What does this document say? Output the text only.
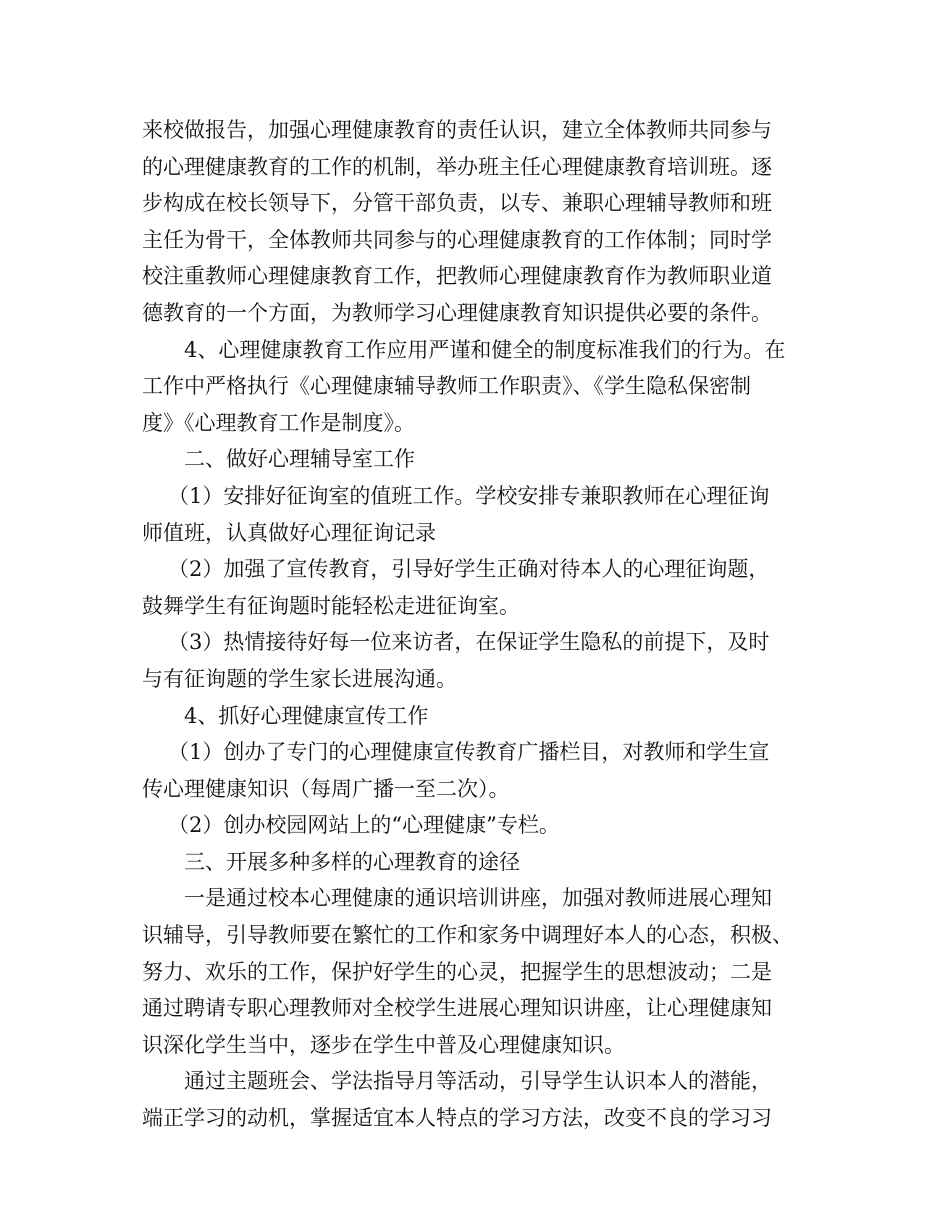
来校做报告，加强心理健康教育的责任认识，建立全体教师共同参与
的心理健康教育的工作的机制，举办班主任心理健康教育培训班。逐
步构成在校长领导下，分管干部负责，以专、兼职心理辅导教师和班
主任为骨干，全体教师共同参与的心理健康教育的工作体制；同时学
校注重教师心理健康教育工作，把教师心理健康教育作为教师职业道
德教育的一个方面，为教师学习心理健康教育知识提供必要的条件。
4、心理健康教育工作应用严谨和健全的制度标准我们的行为。在
工作中严格执行《心理健康辅导教师工作职责》、《学生隐私保密制
度》《心理教育工作是制度》。
二、做好心理辅导室工作
（1）安排好征询室的值班工作。学校安排专兼职教师在心理征询
师值班，认真做好心理征询记录
（2）加强了宣传教育，引导好学生正确对待本人的心理征询题，
鼓舞学生有征询题时能轻松走进征询室。
（3）热情接待好每一位来访者，在保证学生隐私的前提下，及时
与有征询题的学生家长进展沟通。
4、抓好心理健康宣传工作
（1）创办了专门的心理健康宣传教育广播栏目，对教师和学生宣
传心理健康知识（每周广播一至二次）。
（2）创办校园网站上的“心理健康”专栏。
三、开展多种多样的心理教育的途径
一是通过校本心理健康的通识培训讲座，加强对教师进展心理知
识辅导，引导教师要在繁忙的工作和家务中调理好本人的心态，积极、
努力、欢乐的工作，保护好学生的心灵，把握学生的思想波动；二是
通过聘请专职心理教师对全校学生进展心理知识讲座，让心理健康知
识深化学生当中，逐步在学生中普及心理健康知识。
通过主题班会、学法指导月等活动，引导学生认识本人的潜能，
端正学习的动机，掌握适宜本人特点的学习方法，改变不良的学习习
